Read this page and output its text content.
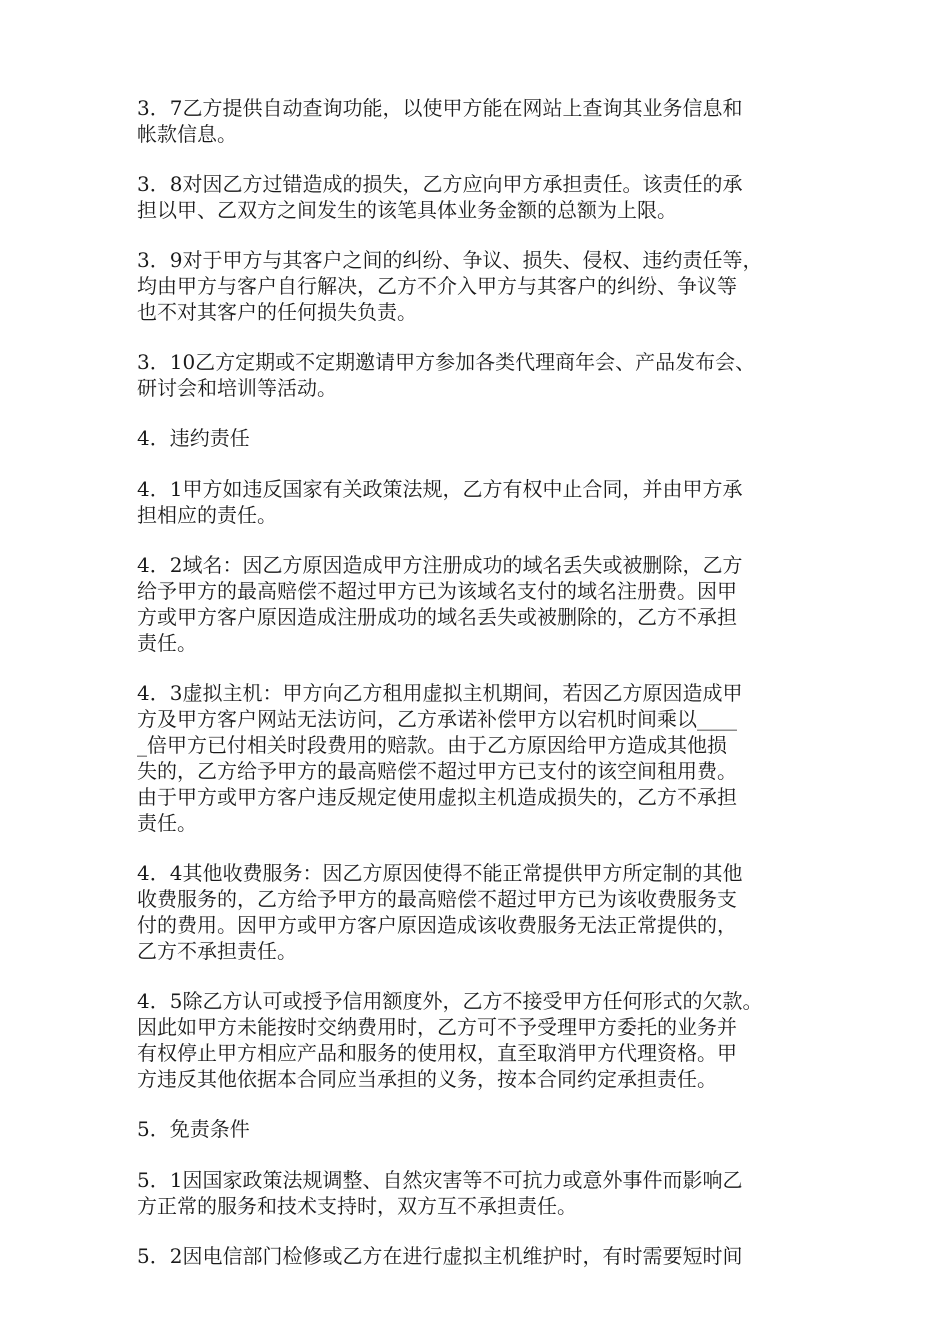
3．7乙方提供自动查询功能，以使甲方能在网站上查询其业务信息和
帐款信息。

3．8对因乙方过错造成的损失，乙方应向甲方承担责任。该责任的承
担以甲、乙双方之间发生的该笔具体业务金额的总额为上限。

3．9对于甲方与其客户之间的纠纷、争议、损失、侵权、违约责任等，
均由甲方与客户自行解决，乙方不介入甲方与其客户的纠纷、争议等
也不对其客户的任何损失负责。

3．10乙方定期或不定期邀请甲方参加各类代理商年会、产品发布会、
研讨会和培训等活动。

4．违约责任

4．1甲方如违反国家有关政策法规，乙方有权中止合同，并由甲方承
担相应的责任。

4．2域名：因乙方原因造成甲方注册成功的域名丢失或被删除，乙方
给予甲方的最高赔偿不超过甲方已为该域名支付的域名注册费。因甲
方或甲方客户原因造成注册成功的域名丢失或被删除的，乙方不承担
责任。

4．3虚拟主机：甲方向乙方租用虚拟主机期间，若因乙方原因造成甲
方及甲方客户网站无法访问，乙方承诺补偿甲方以宕机时间乘以____
_倍甲方已付相关时段费用的赔款。由于乙方原因给甲方造成其他损
失的，乙方给予甲方的最高赔偿不超过甲方已支付的该空间租用费。
由于甲方或甲方客户违反规定使用虚拟主机造成损失的，乙方不承担
责任。

4．4其他收费服务：因乙方原因使得不能正常提供甲方所定制的其他
收费服务的，乙方给予甲方的最高赔偿不超过甲方已为该收费服务支
付的费用。因甲方或甲方客户原因造成该收费服务无法正常提供的，
乙方不承担责任。

4．5除乙方认可或授予信用额度外，乙方不接受甲方任何形式的欠款。
因此如甲方未能按时交纳费用时，乙方可不予受理甲方委托的业务并
有权停止甲方相应产品和服务的使用权，直至取消甲方代理资格。甲
方违反其他依据本合同应当承担的义务，按本合同约定承担责任。

5．免责条件

5．1因国家政策法规调整、自然灾害等不可抗力或意外事件而影响乙
方正常的服务和技术支持时，双方互不承担责任。

5．2因电信部门检修或乙方在进行虚拟主机维护时，有时需要短时间
